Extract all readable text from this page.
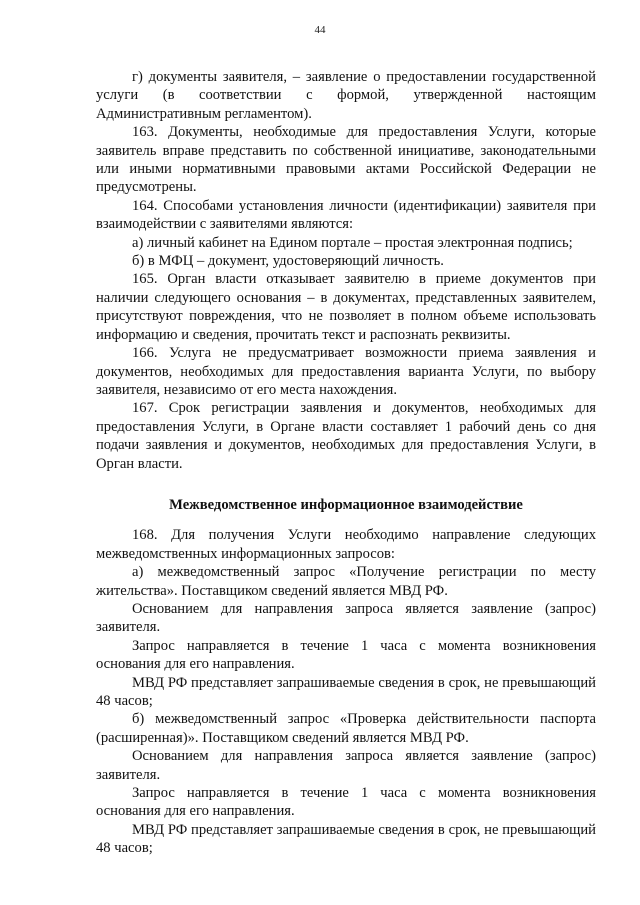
44

г) документы заявителя, – заявление о предоставлении государственной услуги (в соответствии с формой, утвержденной настоящим Административным регламентом).

163. Документы, необходимые для предоставления Услуги, которые заявитель вправе представить по собственной инициативе, законодательными или иными нормативными правовыми актами Российской Федерации не предусмотрены.

164. Способами установления личности (идентификации) заявителя при взаимодействии с заявителями являются:

а) личный кабинет на Едином портале – простая электронная подпись;

б) в МФЦ – документ, удостоверяющий личность.

165. Орган власти отказывает заявителю в приеме документов при наличии следующего основания – в документах, представленных заявителем, присутствуют повреждения, что не позволяет в полном объеме использовать информацию и сведения, прочитать текст и распознать реквизиты.

166. Услуга не предусматривает возможности приема заявления и документов, необходимых для предоставления варианта Услуги, по выбору заявителя, независимо от его места нахождения.

167. Срок регистрации заявления и документов, необходимых для предоставления Услуги, в Органе власти составляет 1 рабочий день со дня подачи заявления и документов, необходимых для предоставления Услуги, в Орган власти.

Межведомственное информационное взаимодействие

168. Для получения Услуги необходимо направление следующих межведомственных информационных запросов:

а) межведомственный запрос «Получение регистрации по месту жительства». Поставщиком сведений является МВД РФ.

Основанием для направления запроса является заявление (запрос) заявителя.

Запрос направляется в течение 1 часа с момента возникновения основания для его направления.

МВД РФ представляет запрашиваемые сведения в срок, не превышающий 48 часов;

б) межведомственный запрос «Проверка действительности паспорта (расширенная)». Поставщиком сведений является МВД РФ.

Основанием для направления запроса является заявление (запрос) заявителя.

Запрос направляется в течение 1 часа с момента возникновения основания для его направления.

МВД РФ представляет запрашиваемые сведения в срок, не превышающий 48 часов;
